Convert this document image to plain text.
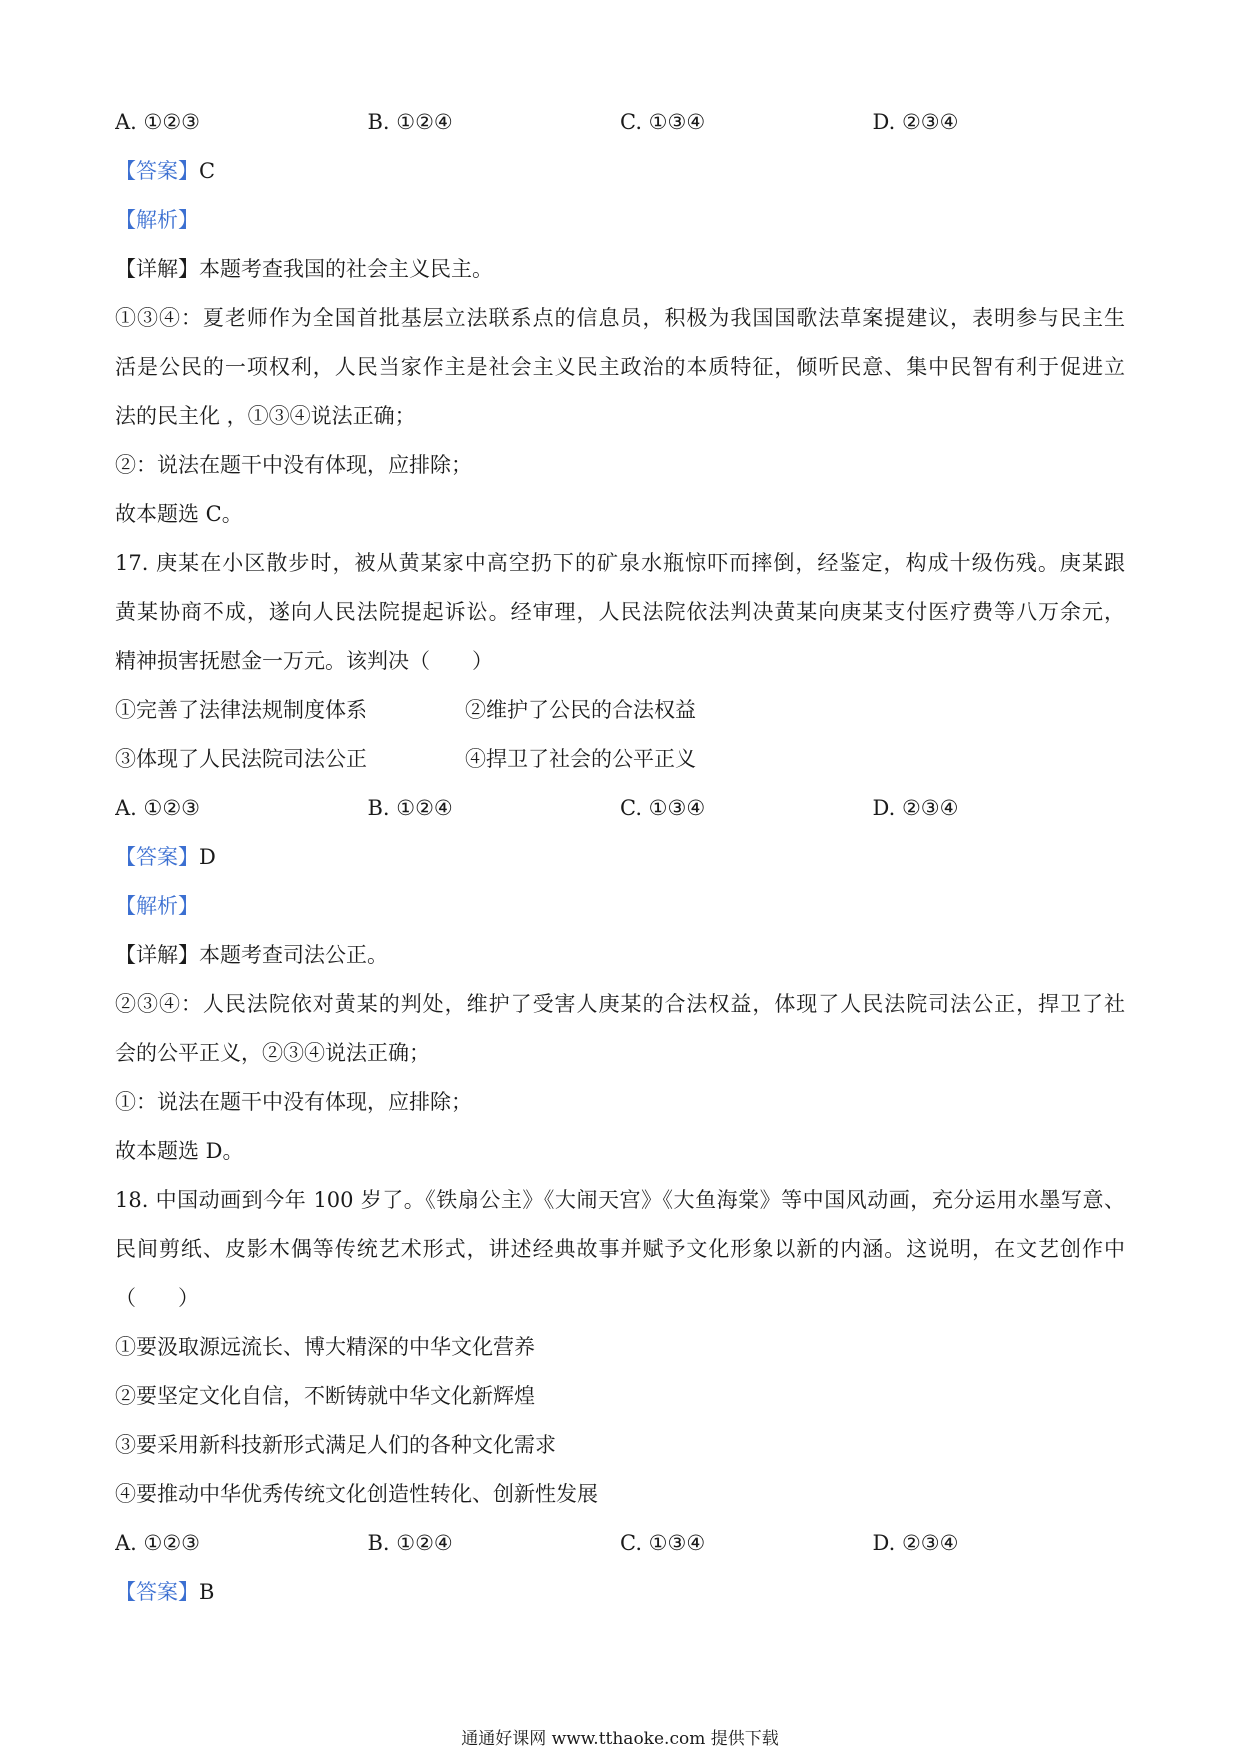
A. ①②③	B. ①②④	C. ①③④	D. ②③④
【答案】C
【解析】
【详解】本题考查我国的社会主义民主。
①③④：夏老师作为全国首批基层立法联系点的信息员，积极为我国国歌法草案提建议，表明参与民主生
活是公民的一项权利，人民当家作主是社会主义民主政治的本质特征，倾听民意、集中民智有利于促进立
法的民主化 ，①③④说法正确；
②：说法在题干中没有体现，应排除；
故本题选 C。
17. 庚某在小区散步时，被从黄某家中高空扔下的矿泉水瓶惊吓而摔倒，经鉴定，构成十级伤残。庚某跟
黄某协商不成，遂向人民法院提起诉讼。经审理，人民法院依法判决黄某向庚某支付医疗费等八万余元，
精神损害抚慰金一万元。该判决（　　）
①完善了法律法规制度体系	②维护了公民的合法权益
③体现了人民法院司法公正	④捍卫了社会的公平正义
A. ①②③	B. ①②④	C. ①③④	D. ②③④
【答案】D
【解析】
【详解】本题考查司法公正。
②③④：人民法院依对黄某的判处，维护了受害人庚某的合法权益，体现了人民法院司法公正，捍卫了社
会的公平正义，②③④说法正确；
①：说法在题干中没有体现，应排除；
故本题选 D。
18. 中国动画到今年 100 岁了。《铁扇公主》《大闹天宫》《大鱼海棠》等中国风动画，充分运用水墨写意、
民间剪纸、皮影木偶等传统艺术形式，讲述经典故事并赋予文化形象以新的内涵。这说明，在文艺创作中
（　　）
①要汲取源远流长、博大精深的中华文化营养
②要坚定文化自信，不断铸就中华文化新辉煌
③要采用新科技新形式满足人们的各种文化需求
④要推动中华优秀传统文化创造性转化、创新性发展
A. ①②③	B. ①②④	C. ①③④	D. ②③④
【答案】B
通通好课网 www.tthaoke.com 提供下载
